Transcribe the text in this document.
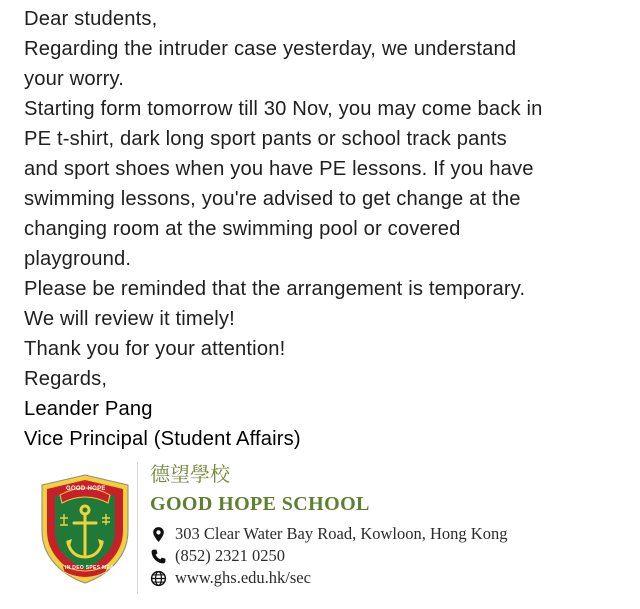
Dear students,
Regarding the intruder case yesterday, we understand
your worry.
Starting form tomorrow till 30 Nov, you may come back in
PE t-shirt, dark long sport pants or school track pants
and sport shoes when you have PE lessons. If you have
swimming lessons, you're advised to get change at the
changing room at the swimming pool or covered
playground.
Please be reminded that the arrangement is temporary.
We will review it timely!
Thank you for your attention!
Regards,
Leander Pang
Vice Principal (Student Affairs)
GOOD HOPE
IN DEO SPES MEA
德望學校
GOOD HOPE SCHOOL
303 Clear Water Bay Road, Kowloon, Hong Kong
(852) 2321 0250
www.ghs.edu.hk/sec
